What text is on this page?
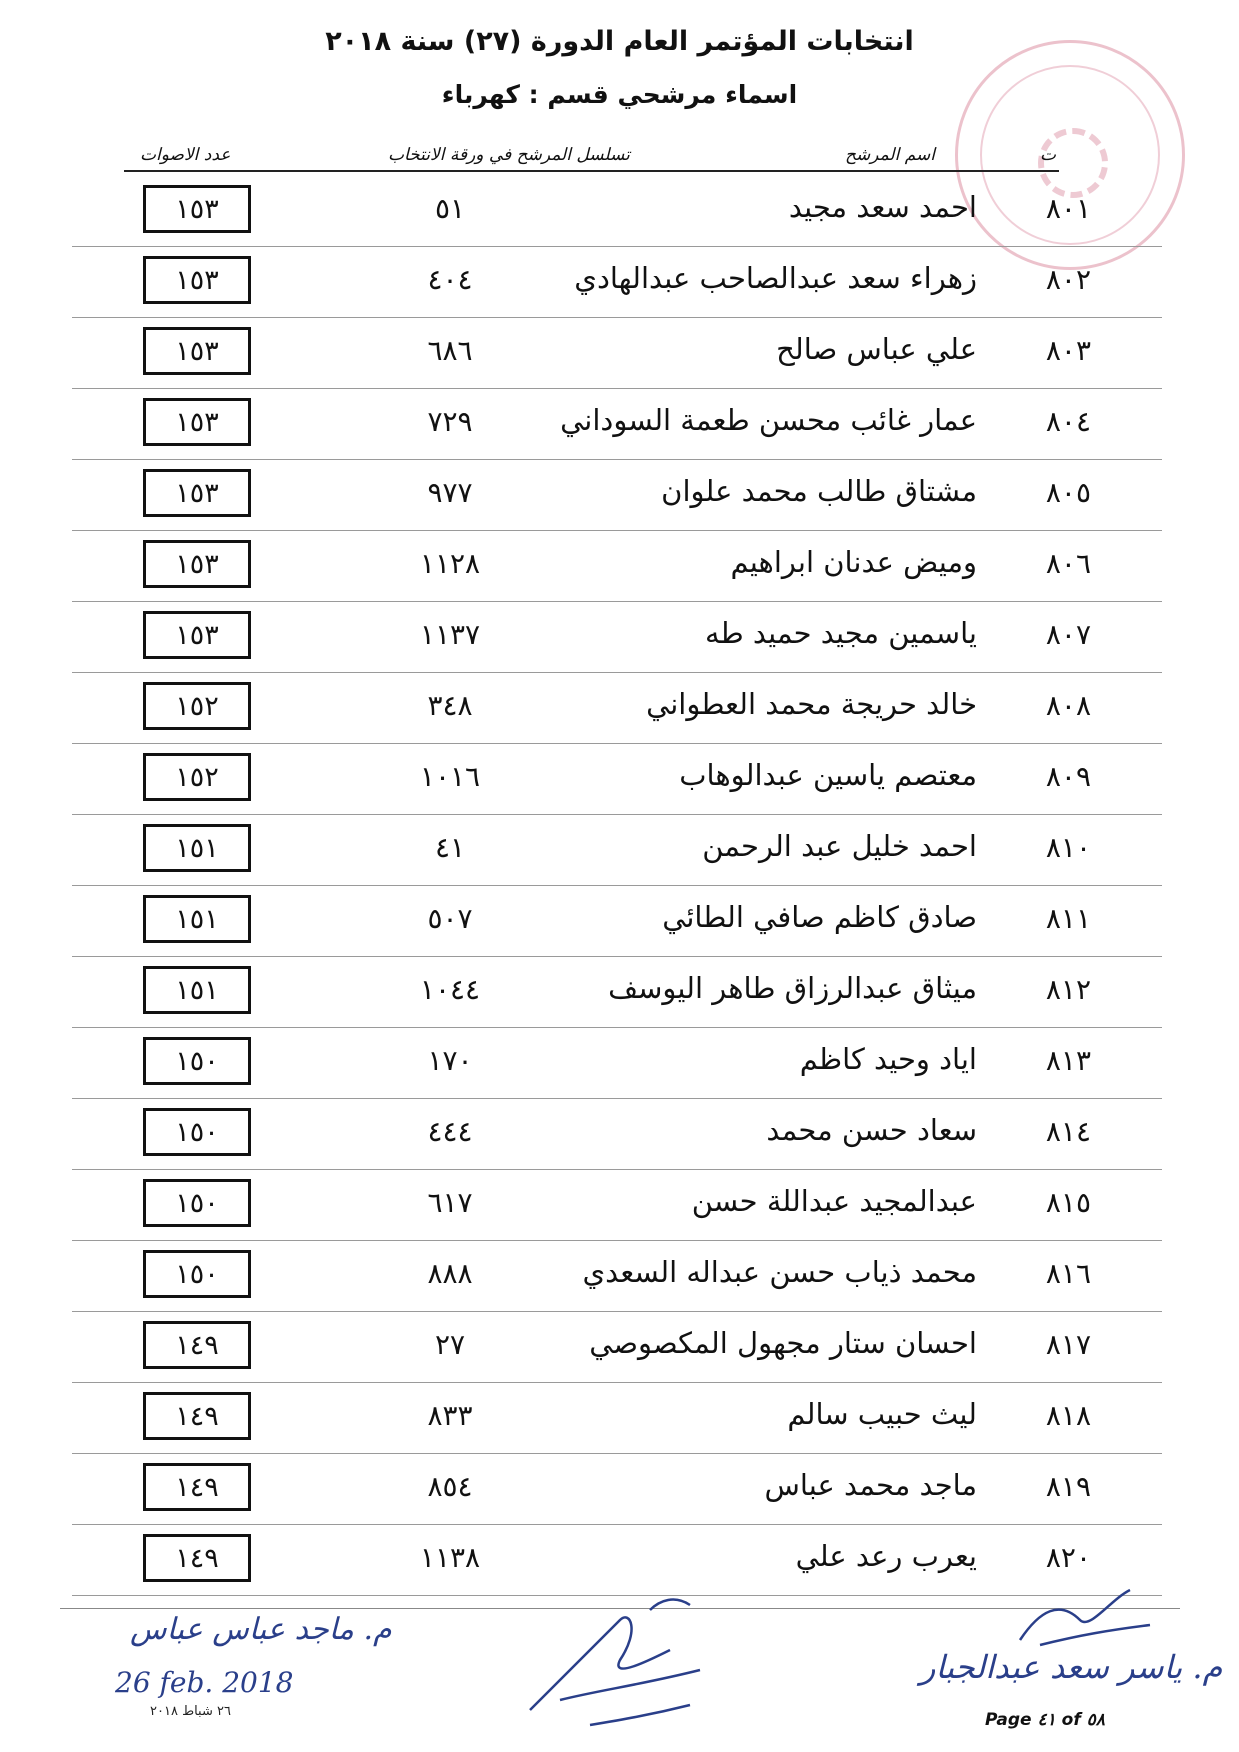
انتخابات المؤتمر العام الدورة (٢٧) سنة ٢٠١٨
اسماء مرشحي قسم : كهرباء
ت
اسم المرشح
تسلسل المرشح في ورقة الانتخاب
عدد الاصوات
٨٠١
احمد سعد مجيد
٥١
١٥٣
٨٠٢
زهراء سعد عبدالصاحب عبدالهادي
٤٠٤
١٥٣
٨٠٣
علي عباس صالح
٦٨٦
١٥٣
٨٠٤
عمار غائب محسن طعمة السوداني
٧٢٩
١٥٣
٨٠٥
مشتاق طالب محمد علوان
٩٧٧
١٥٣
٨٠٦
وميض عدنان ابراهيم
١١٢٨
١٥٣
٨٠٧
ياسمين مجيد حميد طه
١١٣٧
١٥٣
٨٠٨
خالد حريجة محمد العطواني
٣٤٨
١٥٢
٨٠٩
معتصم ياسين عبدالوهاب
١٠١٦
١٥٢
٨١٠
احمد خليل عبد الرحمن
٤١
١٥١
٨١١
صادق كاظم صافي الطائي
٥٠٧
١٥١
٨١٢
ميثاق عبدالرزاق طاهر اليوسف
١٠٤٤
١٥١
٨١٣
اياد وحيد كاظم
١٧٠
١٥٠
٨١٤
سعاد حسن محمد
٤٤٤
١٥٠
٨١٥
عبدالمجيد عبداللة حسن
٦١٧
١٥٠
٨١٦
محمد ذياب حسن عبداله السعدي
٨٨٨
١٥٠
٨١٧
احسان ستار مجهول المكصوصي
٢٧
١٤٩
٨١٨
ليث حبيب سالم
٨٣٣
١٤٩
٨١٩
ماجد محمد عباس
٨٥٤
١٤٩
٨٢٠
يعرب رعد علي
١١٣٨
١٤٩
م. ماجد عباس عباس
26 feb. 2018
٢٦ شباط ٢٠١٨
م. ياسر سعد عبدالجبار
Page ٤١ of ٥٨
